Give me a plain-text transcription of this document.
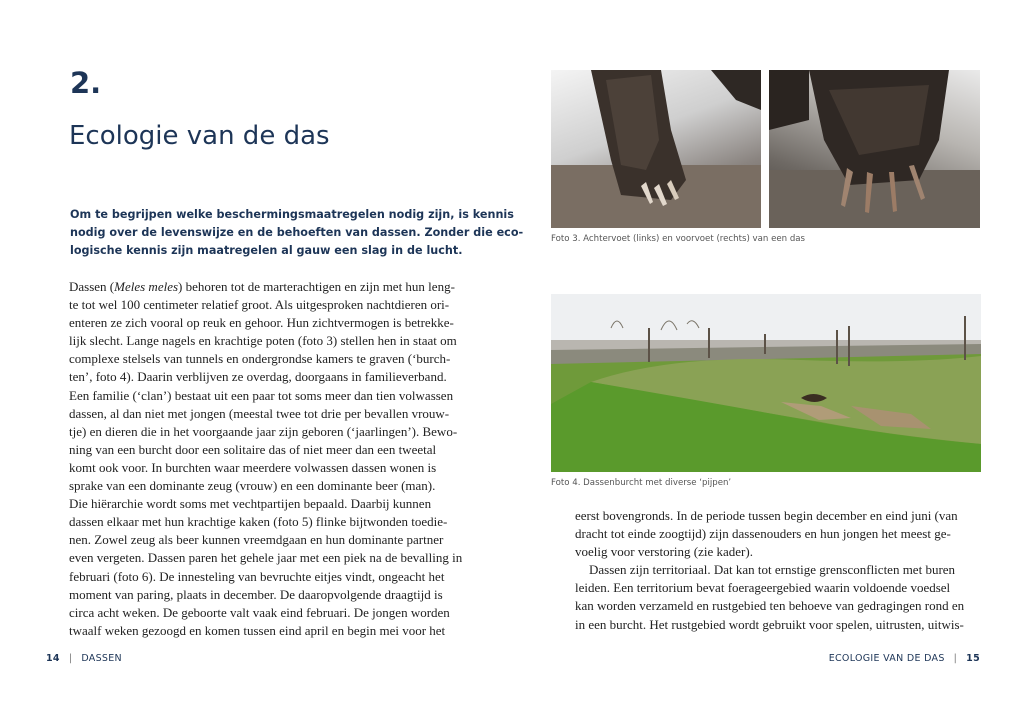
2.
Ecologie van de das
Om te begrijpen welke beschermingsmaatregelen nodig zijn, is kennis
nodig over de levenswijze en de behoeften van dassen. Zonder die eco-
logische kennis zijn maatregelen al gauw een slag in de lucht.
Dassen (Meles meles) behoren tot de marterachtigen en zijn met hun leng-
te tot wel 100 centimeter relatief groot. Als uitgesproken nachtdieren ori-
enteren ze zich vooral op reuk en gehoor. Hun zichtvermogen is betrekke-
lijk slecht. Lange nagels en krachtige poten (foto 3) stellen hen in staat om
complexe stelsels van tunnels en ondergrondse kamers te graven (‘burch-
ten’, foto 4). Daarin verblijven ze overdag, doorgaans in familieverband.
Een familie (‘clan’) bestaat uit een paar tot soms meer dan tien volwassen
dassen, al dan niet met jongen (meestal twee tot drie per bevallen vrouw-
tje) en dieren die in het voorgaande jaar zijn geboren (‘jaarlingen’). Bewo-
ning van een burcht door een solitaire das of niet meer dan een tweetal
komt ook voor. In burchten waar meerdere volwassen dassen wonen is
sprake van een dominante zeug (vrouw) en een dominante beer (man).
Die hiërarchie wordt soms met vechtpartijen bepaald. Daarbij kunnen
dassen elkaar met hun krachtige kaken (foto 5) flinke bijtwonden toedie-
nen. Zowel zeug als beer kunnen vreemdgaan en hun dominante partner
even vergeten. Dassen paren het gehele jaar met een piek na de bevalling in
februari (foto 6). De innesteling van bevruchte eitjes vindt, ongeacht het
moment van paring, plaats in december. De daaropvolgende draagtijd is
circa acht weken. De geboorte valt vaak eind februari. De jongen worden
twaalf weken gezoogd en komen tussen eind april en begin mei voor het
14 | DASSEN
Foto 3. Achtervoet (links) en voorvoet (rechts) van een das
Foto 4. Dassenburcht met diverse ‘pijpen’
eerst bovengronds. In de periode tussen begin december en eind juni (van
dracht tot einde zoogtijd) zijn dassenouders en hun jongen het meest ge-
voelig voor verstoring (zie kader).
Dassen zijn territoriaal. Dat kan tot ernstige grensconflicten met buren
leiden. Een territorium bevat foerageergebied waarin voldoende voedsel
kan worden verzameld en rustgebied ten behoeve van gedragingen rond en
in een burcht. Het rustgebied wordt gebruikt voor spelen, uitrusten, uitwis-
ECOLOGIE VAN DE DAS | 15
